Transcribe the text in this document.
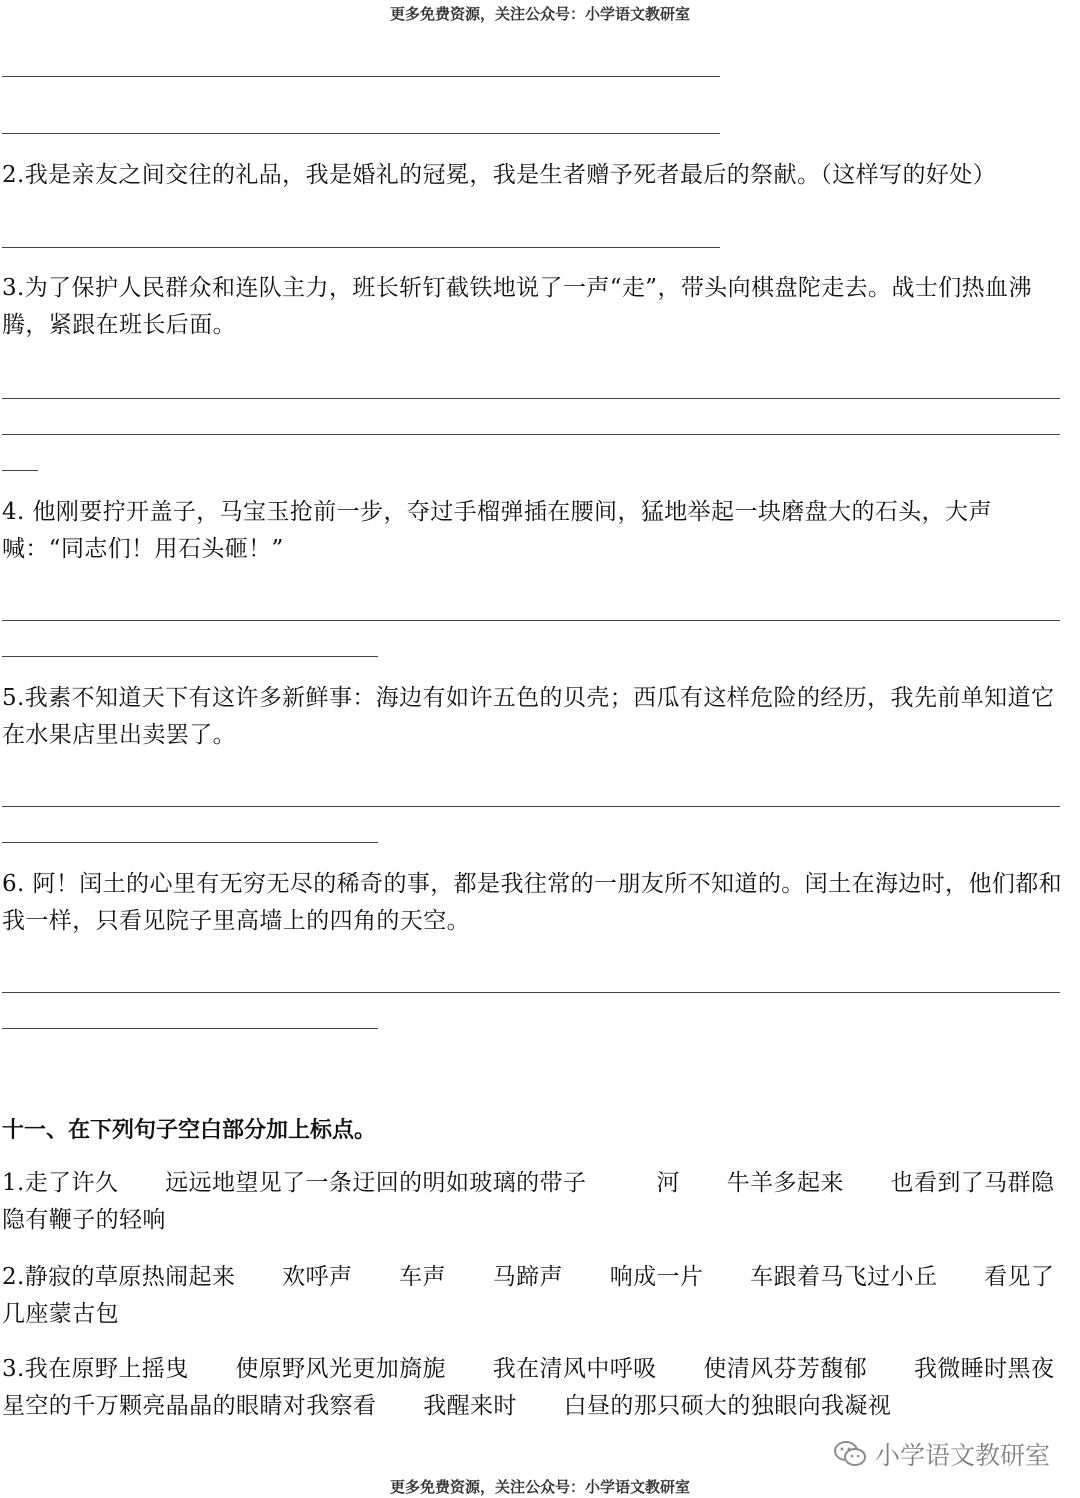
更多免费资源，关注公众号：小学语文教研室

2.我是亲友之间交往的礼品，我是婚礼的冠冕，我是生者赠予死者最后的祭献。（这样写的好处）

3.为了保护人民群众和连队主力，班长斩钉截铁地说了一声“走”，带头向棋盘陀走去。战士们热血沸腾，紧跟在班长后面。

4. 他刚要拧开盖子，马宝玉抢前一步，夺过手榴弹插在腰间，猛地举起一块磨盘大的石头，大声喊：“同志们！用石头砸！”

5.我素不知道天下有这许多新鲜事：海边有如许五色的贝壳；西瓜有这样危险的经历，我先前单知道它在水果店里出卖罢了。

6. 阿！闰土的心里有无穷无尽的稀奇的事，都是我往常的一朋友所不知道的。闰土在海边时，他们都和我一样，只看见院子里高墙上的四角的天空。

十一、在下列句子空白部分加上标点。

1.走了许久　　远远地望见了一条迂回的明如玻璃的带子　　　河　　牛羊多起来　　也看到了马群隐隐有鞭子的轻响

2.静寂的草原热闹起来　　欢呼声　　车声　　马蹄声　　响成一片　　车跟着马飞过小丘　　看见了几座蒙古包

3.我在原野上摇曳　　使原野风光更加旖旎　　我在清风中呼吸　　使清风芬芳馥郁　　我微睡时黑夜星空的千万颗亮晶晶的眼睛对我察看　　我醒来时　　白昼的那只硕大的独眼向我凝视

小学语文教研室
更多免费资源，关注公众号：小学语文教研室
